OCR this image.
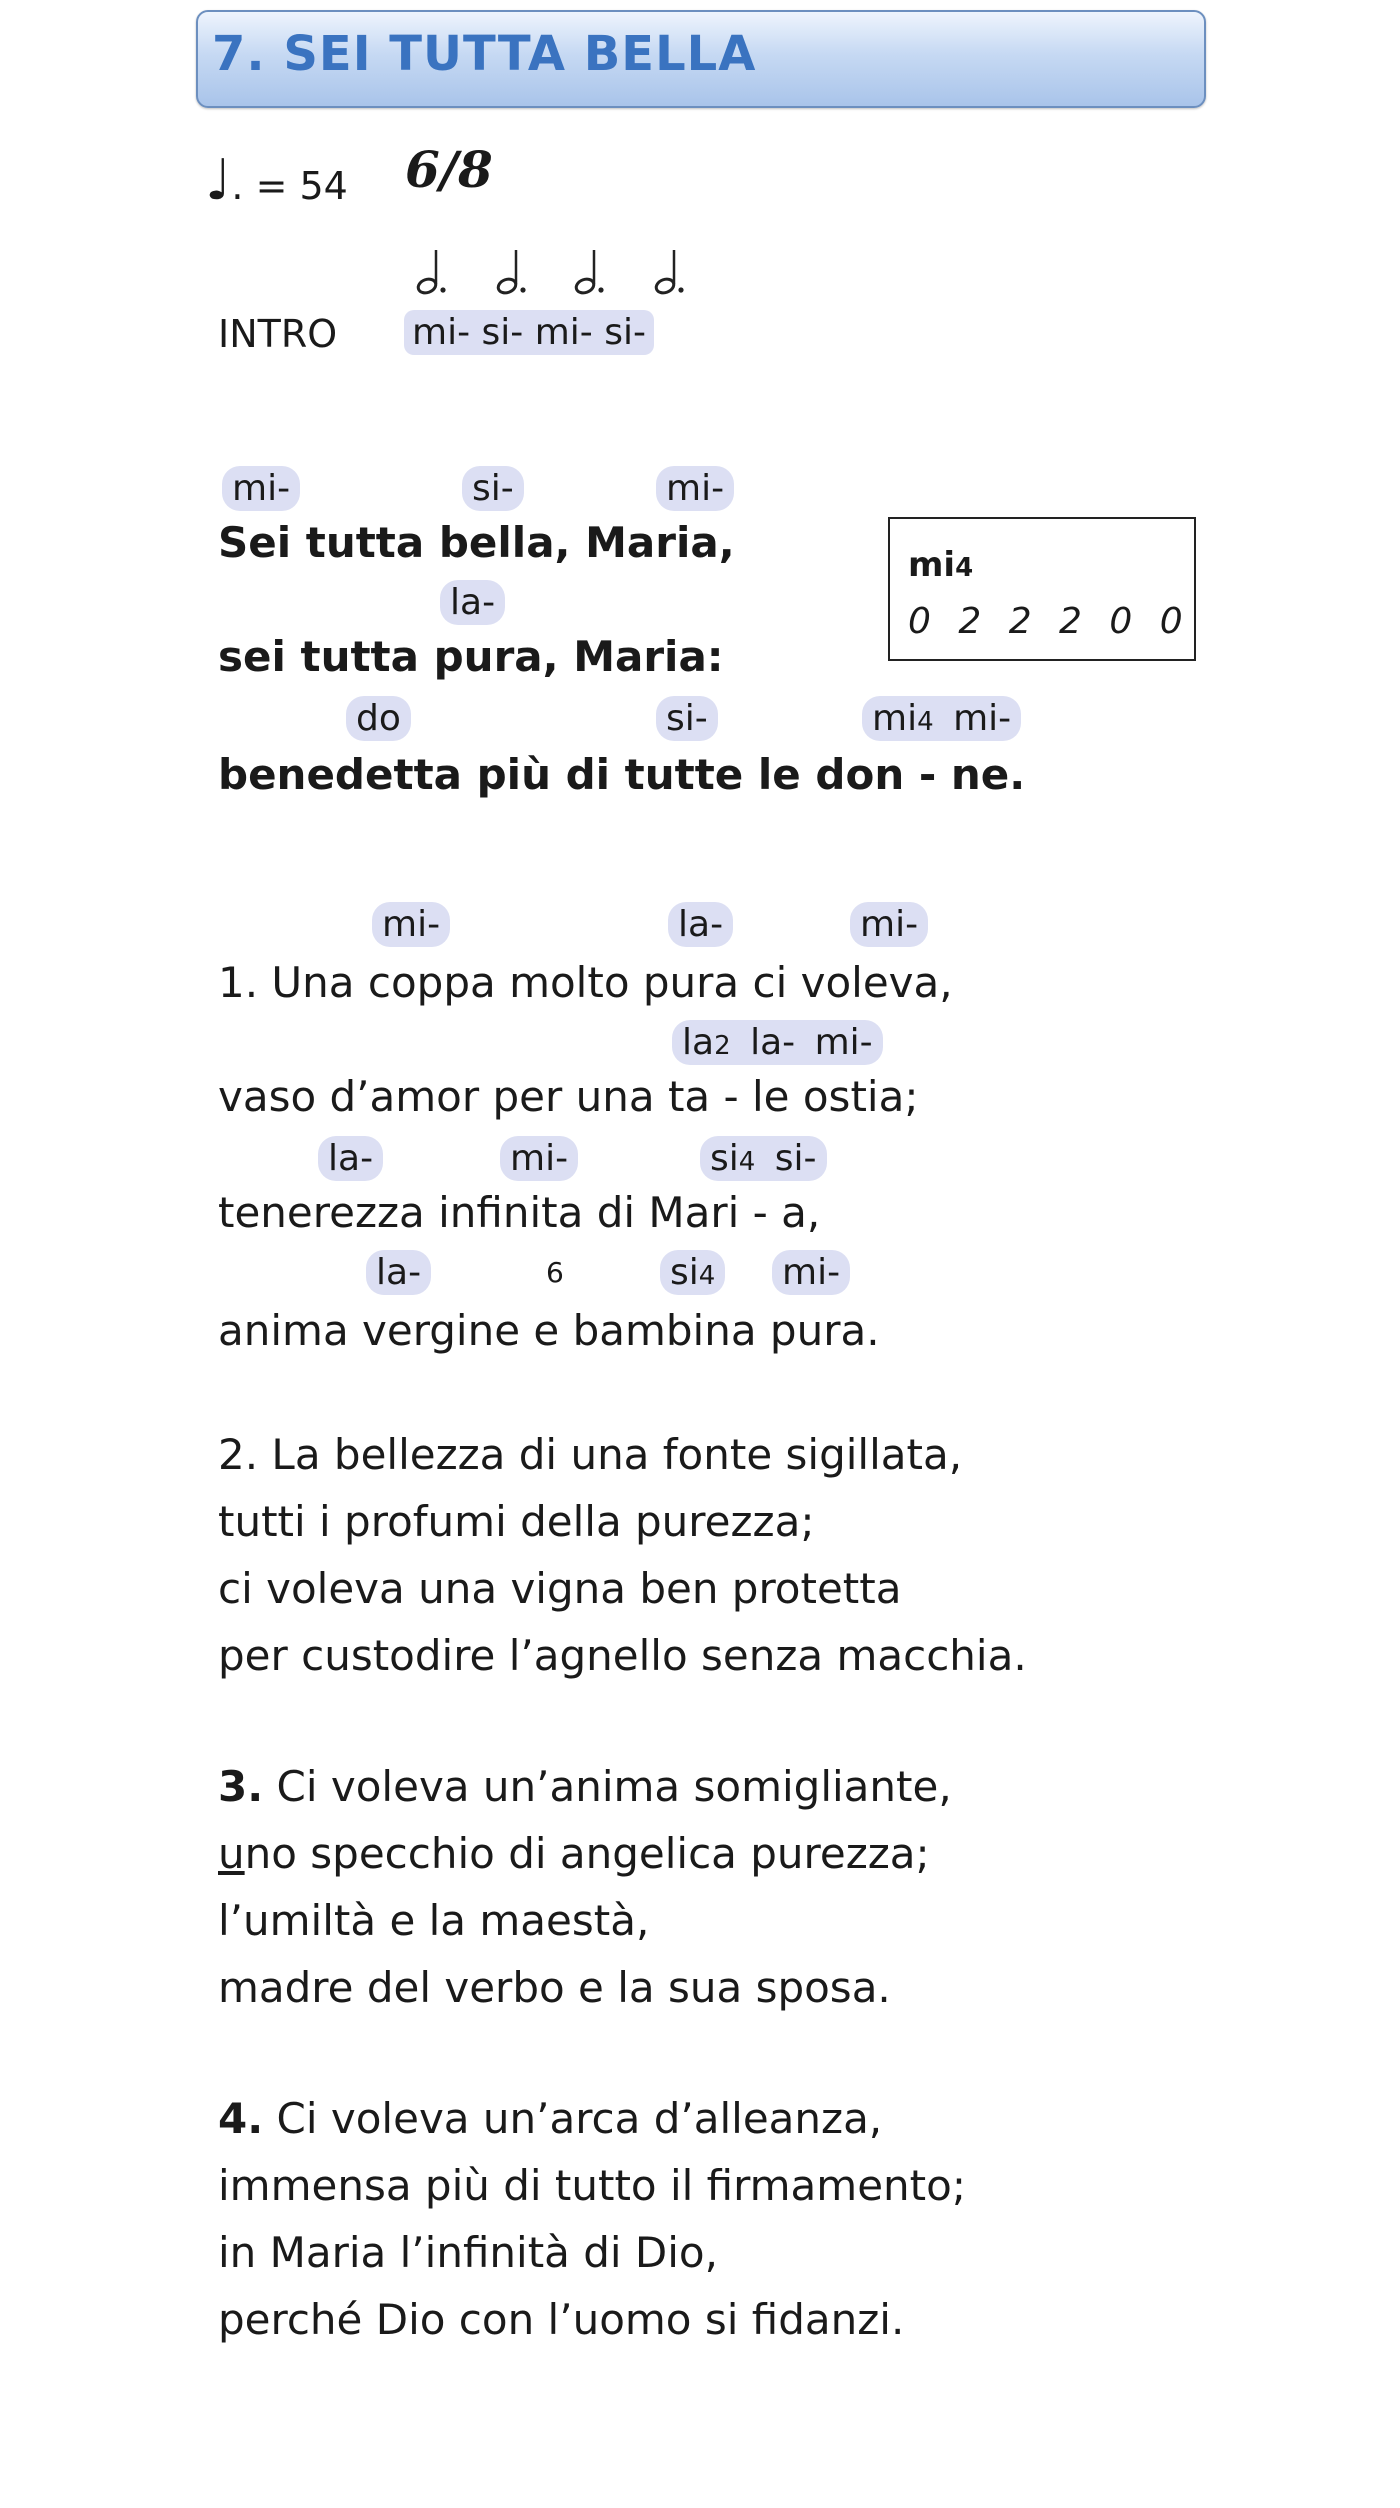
7. SEI TUTTA BELLA
♩. = 54 6/8
INTRO mi- si- mi- si-
mi-	si-	mi-
Sei tutta bella, Maria,
la-
sei tutta pura, Maria:
do	si-	mi4 mi-
benedetta più di tutte le don - ne.
mi4
0 2 2 2 0 0
mi-	la-	mi-
1. Una coppa molto pura ci voleva,
la2 la- mi-
vaso d’amor per una ta - le ostia;
la-	mi-	si4 si-
tenerezza infinita di Mari - a,
la-	6	si4 mi-
anima vergine e bambina pura.
2. La bellezza di una fonte sigillata,
tutti i profumi della purezza;
ci voleva una vigna ben protetta
per custodire l’agnello senza macchia.
3. Ci voleva un’anima somigliante,
uno specchio di angelica purezza;
l’umiltà e la maestà,
madre del verbo e la sua sposa.
4. Ci voleva un’arca d’alleanza,
immensa più di tutto il firmamento;
in Maria l’infinità di Dio,
perché Dio con l’uomo si fidanzi.
